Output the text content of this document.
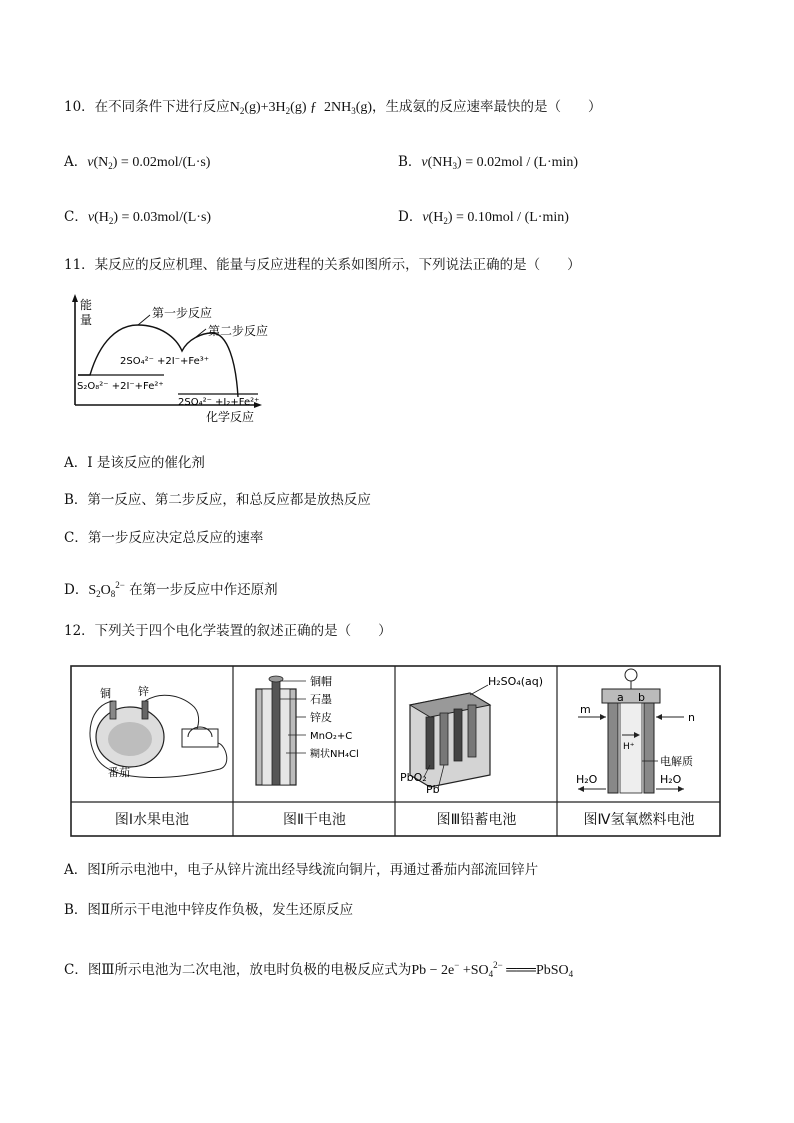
10．在不同条件下进行反应$N_2(g)+3H_2(g)$ ƒ  $2NH_3(g)$，生成氨的反应速率最快的是（　　）
A．$v(N_2) = 0.02mol/(L\cdot s)$	B．$v(NH_3) = 0.02mol / (L\cdot\min)$
C．$v(H_2) = 0.03mol/(L\cdot s)$	D．$v(H_2) = 0.10mol / (L\cdot\min)$
11．某反应的反应机理、能量与反应进程的关系如图所示，下列说法正确的是（　　）
能
量
化学反应
第一步反应
第二步反应
2SO₄²⁻ +2I⁻+Fe³⁺
S₂O₈²⁻ +2I⁻+Fe²⁺
2SO₄²⁻ +I₂+Fe²⁺
A．I 是该反应的催化剂
B．第一反应、第二步反应，和总反应都是放热反应
C．第一步反应决定总反应的速率
D．$S_2O_8^{2-}$ 在第一步反应中作还原剂
12．下列关于四个电化学装置的叙述正确的是（　　）
铜 锌
番茄
铜帽
石墨
锌皮
MnO₂+C
糊状NH₄Cl
H₂SO₄(aq)
PbO₂
Pb
a b
m
n
H⁺
电解质
H₂O	H₂O
图Ⅰ水果电池	图Ⅱ干电池	图Ⅲ铅蓄电池	图Ⅳ氢氧燃料电池
A．图Ⅰ所示电池中，电子从锌片流出经导线流向铜片，再通过番茄内部流回锌片
B．图Ⅱ所示干电池中锌皮作负极，发生还原反应
C．图Ⅲ所示电池为二次电池，放电时负极的电极反应式为$Pb - 2e^- +SO_4^{2-}$ ═══PbSO$_4$
